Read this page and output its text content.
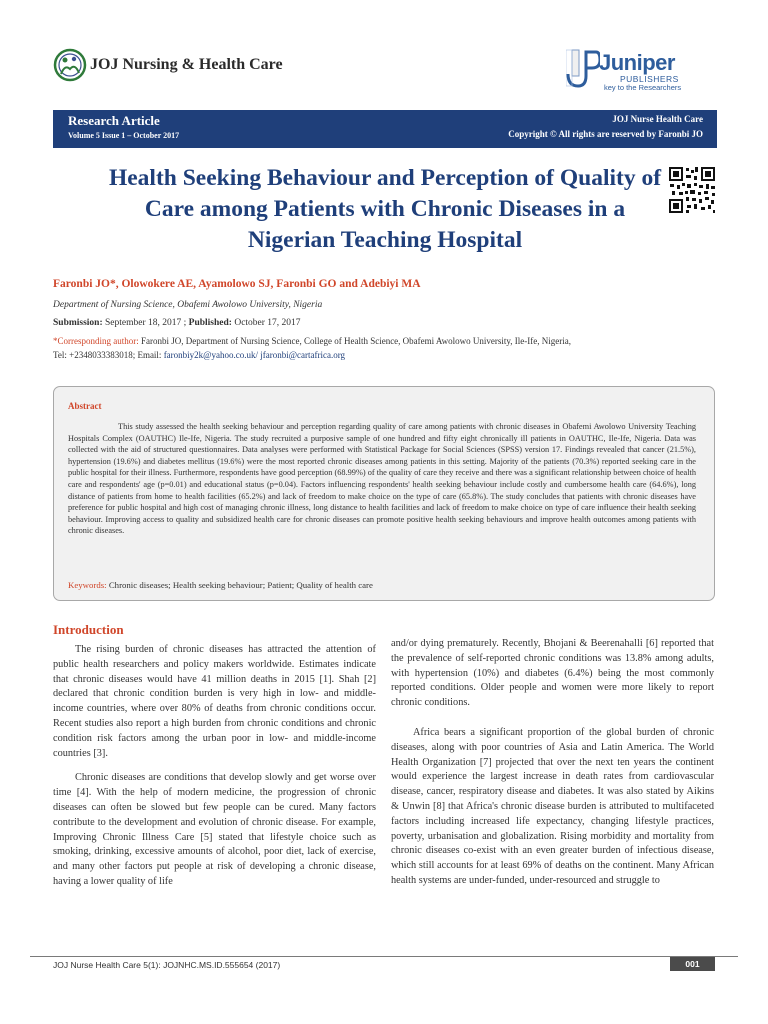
JOJ Nursing & Health Care	Juniper
PUBLISHERS
key to the Researchers
Research Article
Volume 5 Issue 1 – October 2017
JOJ Nurse Health Care
Copyright © All rights are reserved by Faronbi JO
Health Seeking Behaviour and Perception of Quality of Care among Patients with Chronic Diseases in a Nigerian Teaching Hospital
Faronbi JO*, Olowokere AE, Ayamolowo SJ, Faronbi GO and Adebiyi MA
Department of Nursing Science, Obafemi Awolowo University, Nigeria
Submission: September 18, 2017 ; Published: October 17, 2017
*Corresponding author: Faronbi JO, Department of Nursing Science, College of Health Science, Obafemi Awolowo University, Ile-Ife, Nigeria,
Tel: +2348033383018; Email: faronbiy2k@yahoo.co.uk/ jfaronbi@cartafrica.org
Abstract
This study assessed the health seeking behaviour and perception regarding quality of care among patients with chronic diseases in Obafemi Awolowo University Teaching Hospitals Complex (OAUTHC) Ile-Ife, Nigeria. The study recruited a purposive sample of one hundred and fifty eight chronically ill patients in OAUTHC, Ile-Ife, Nigeria. Data was collected with the aid of structured questionnaires. Data analyses were performed with Statistical Package for Social Sciences (SPSS) version 17. Findings revealed that cancer (21.5%), hypertension (19.6%) and diabetes mellitus (19.6%) were the most reported chronic diseases among patients in this setting. Majority of the patients (70.3%) reported seeking care in the public hospital for their illness. Furthermore, respondents have good perception (68.99%) of the quality of care they receive and there was a significant relationship between choice of health care and respondents' age (p=0.01) and educational status (p=0.04). Factors influencing respondents' health seeking behaviour include costly and cumbersome health care (64.6%), long distance of patients from home to health facilities (65.2%) and lack of freedom to make choice on the type of care (65.8%). The study concludes that patients with chronic diseases have preference for public hospital and high cost of managing chronic illness, long distance to health facilities and lack of freedom to make choice on type of care influence their health seeking behaviour. Improving access to quality and subsidized health care for chronic diseases can promote positive health seeking behaviours and improve health outcomes among patients with chronic diseases.
Keywords: Chronic diseases; Health seeking behaviour; Patient; Quality of health care
Introduction

The rising burden of chronic diseases has attracted the attention of public health researchers and policy makers worldwide. Estimates indicate that chronic diseases would have 41 million deaths in 2015 [1]. Shah [2] declared that chronic condition burden is very high in low- and middle-income countries, where over 80% of deaths from chronic conditions occur. Recent studies also report a high burden from chronic conditions and chronic condition risk factors among the urban poor in low- and middle-income countries [3].

Chronic diseases are conditions that develop slowly and get worse over time [4]. With the help of modern medicine, the progression of chronic diseases can often be slowed but few people can be cured. Many factors contribute to the development and evolution of chronic disease. For example, Improving Chronic Illness Care [5] stated that lifestyle choice such as smoking, drinking, excessive amounts of alcohol, poor diet, lack of exercise, and many other factors put people at risk of developing a chronic disease, having a lower quality of life

and/or dying prematurely. Recently, Bhojani & Beerenahalli [6] reported that the prevalence of self-reported chronic conditions was 13.8% among adults, with hypertension (10%) and diabetes (6.4%) being the most commonly reported conditions. Older people and women were more likely to report chronic conditions.

Africa bears a significant proportion of the global burden of chronic diseases, along with poor countries of Asia and Latin America. The World Health Organization [7] projected that over the next ten years the continent would experience the largest increase in death rates from cardiovascular disease, cancer, respiratory disease and diabetes. It was also stated by Aikins & Unwin [8] that Africa's chronic disease burden is attributed to multifaceted factors including increased life expectancy, changing lifestyle practices, poverty, urbanisation and globalization. Rising morbidity and mortality from chronic diseases co-exist with an even greater burden of infectious disease, which still accounts for at least 69% of deaths on the continent. Many African health systems are under-funded, under-resourced and struggle to

JOJ Nurse Health Care 5(1): JOJNHC.MS.ID.555654 (2017)	001
